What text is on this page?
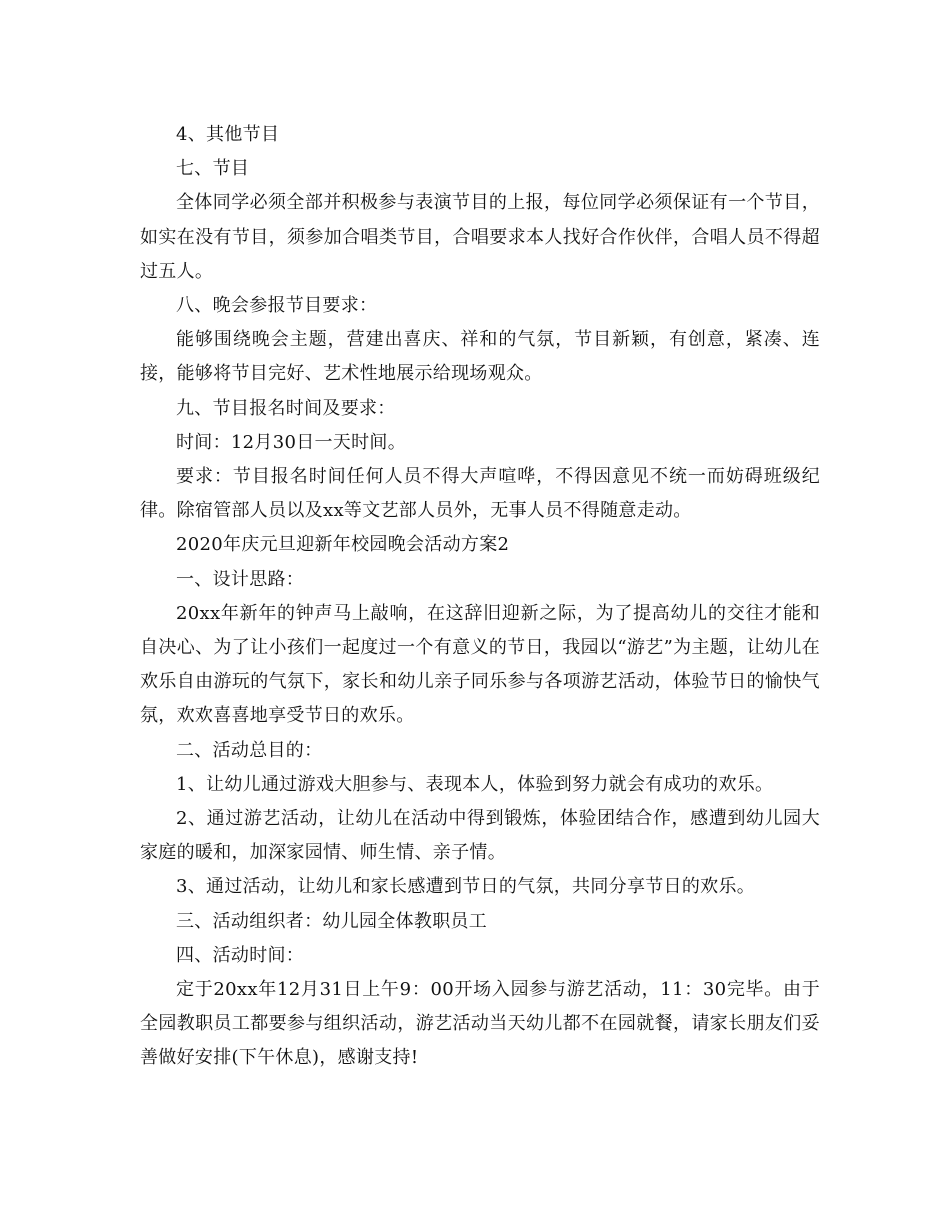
4、其他节目

七、节目

全体同学必须全部并积极参与表演节目的上报，每位同学必须保证有一个节目，如实在没有节目，须参加合唱类节目，合唱要求本人找好合作伙伴，合唱人员不得超过五人。

八、晚会参报节目要求：

能够围绕晚会主题，营建出喜庆、祥和的气氛，节目新颖，有创意，紧凑、连接，能够将节目完好、艺术性地展示给现场观众。

九、节目报名时间及要求：

时间：12月30日一天时间。

要求：节目报名时间任何人员不得大声喧哗，不得因意见不统一而妨碍班级纪律。除宿管部人员以及xx等文艺部人员外，无事人员不得随意走动。

2020年庆元旦迎新年校园晚会活动方案2

一、设计思路：

20xx年新年的钟声马上敲响，在这辞旧迎新之际，为了提高幼儿的交往才能和自决心、为了让小孩们一起度过一个有意义的节日，我园以“游艺”为主题，让幼儿在欢乐自由游玩的气氛下，家长和幼儿亲子同乐参与各项游艺活动，体验节日的愉快气氛，欢欢喜喜地享受节日的欢乐。

二、活动总目的：

1、让幼儿通过游戏大胆参与、表现本人，体验到努力就会有成功的欢乐。

2、通过游艺活动，让幼儿在活动中得到锻炼，体验团结合作，感遭到幼儿园大家庭的暖和，加深家园情、师生情、亲子情。

3、通过活动，让幼儿和家长感遭到节日的气氛，共同分享节日的欢乐。

三、活动组织者：幼儿园全体教职员工

四、活动时间：

定于20xx年12月31日上午9：00开场入园参与游艺活动，11：30完毕。由于全园教职员工都要参与组织活动，游艺活动当天幼儿都不在园就餐，请家长朋友们妥善做好安排(下午休息)，感谢支持!
